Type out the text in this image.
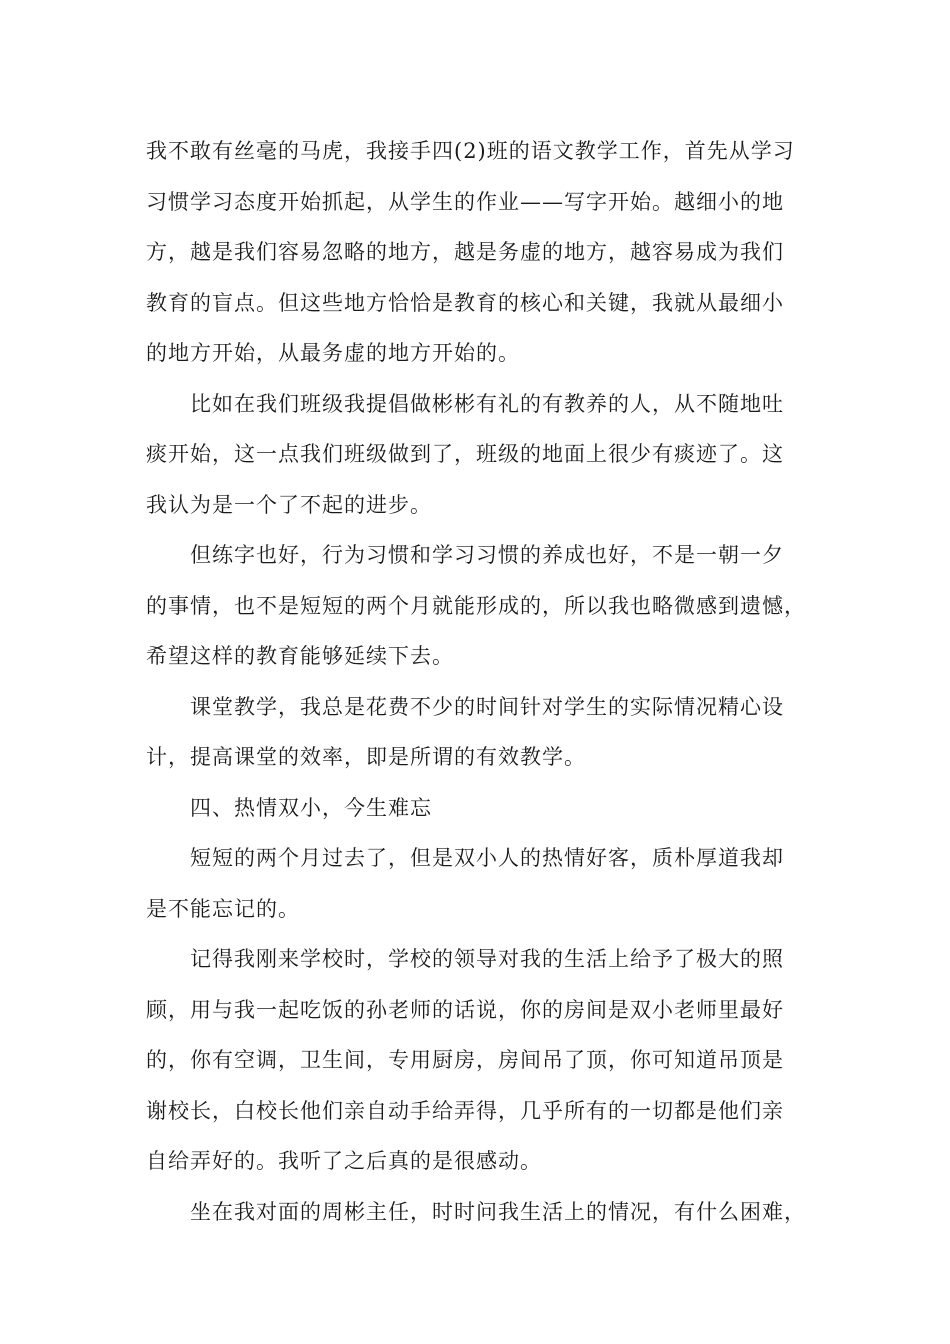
我不敢有丝毫的马虎，我接手四(2)班的语文教学工作，首先从学习
习惯学习态度开始抓起，从学生的作业——写字开始。越细小的地
方，越是我们容易忽略的地方，越是务虚的地方，越容易成为我们
教育的盲点。但这些地方恰恰是教育的核心和关键，我就从最细小
的地方开始，从最务虚的地方开始的。

比如在我们班级我提倡做彬彬有礼的有教养的人，从不随地吐
痰开始，这一点我们班级做到了，班级的地面上很少有痰迹了。这
我认为是一个了不起的进步。

但练字也好，行为习惯和学习习惯的养成也好，不是一朝一夕
的事情，也不是短短的两个月就能形成的，所以我也略微感到遗憾，
希望这样的教育能够延续下去。

课堂教学，我总是花费不少的时间针对学生的实际情况精心设
计，提高课堂的效率，即是所谓的有效教学。

四、热情双小，今生难忘

短短的两个月过去了，但是双小人的热情好客，质朴厚道我却
是不能忘记的。

记得我刚来学校时，学校的领导对我的生活上给予了极大的照
顾，用与我一起吃饭的孙老师的话说，你的房间是双小老师里最好
的，你有空调，卫生间，专用厨房，房间吊了顶，你可知道吊顶是
谢校长，白校长他们亲自动手给弄得，几乎所有的一切都是他们亲
自给弄好的。我听了之后真的是很感动。

坐在我对面的周彬主任，时时问我生活上的情况，有什么困难，
